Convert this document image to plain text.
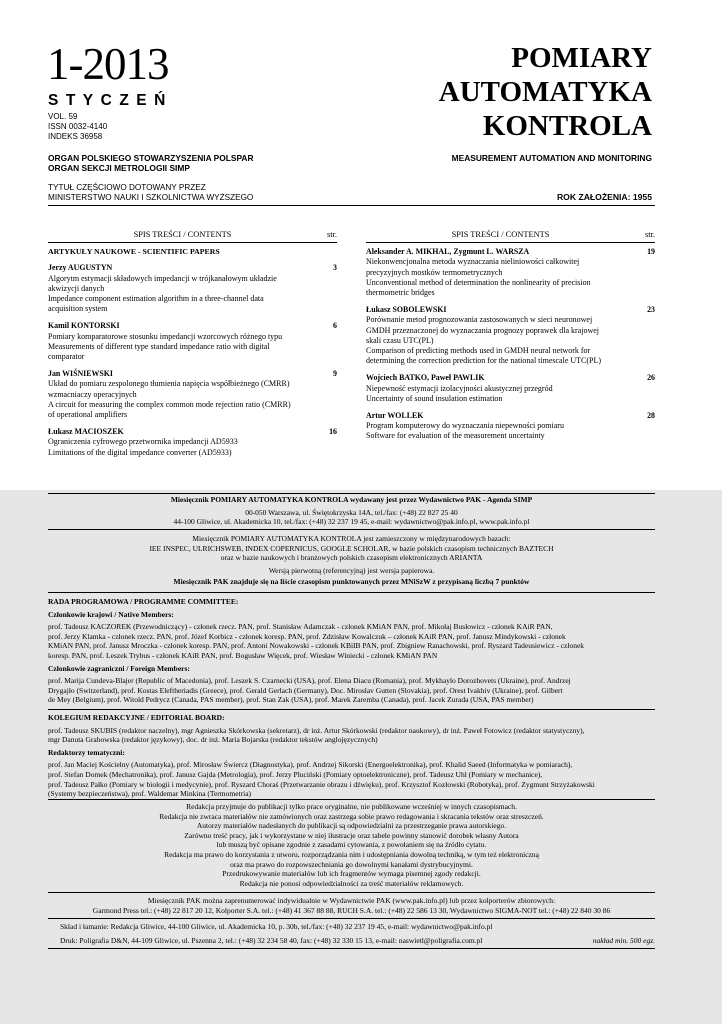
1-2013
STYCZEŃ
VOL. 59
ISSN 0032-4140
INDEKS 36958
POMIARY
AUTOMATYKA
KONTROLA
ORGAN POLSKIEGO STOWARZYSZENIA POLSPAR
ORGAN SEKCJI METROLOGII SIMP
MEASUREMENT AUTOMATION AND MONITORING
TYTUŁ CZĘŚCIOWO DOTOWANY PRZEZ
MINISTERSTWO NAUKI I SZKOLNICTWA WYŻSZEGO	ROK ZAŁOŻENIA: 1955
SPIS TREŚCI / CONTENTS	str.
ARTYKUŁY NAUKOWE - SCIENTIFIC PAPERS
Jerzy AUGUSTYN	3
Algorytm estymacji składowych impedancji w trójkanałowym układzie
akwizycji danych
Impedance component estimation algorithm in a three-channel data
acquisition system
Kamil KONTORSKI	6
Pomiary komparatorowe stosunku impedancji wzorcowych różnego typu
Measurements of different type standard impedance ratio with digital
comparator
Jan WIŚNIEWSKI	9
Układ do pomiaru zespolonego tłumienia napięcia współbieżnego (CMRR)
wzmacniaczy operacyjnych
A circuit for measuring the complex common mode rejection ratio (CMRR)
of operational amplifiers
Łukasz MACIOSZEK	16
Ograniczenia cyfrowego przetwornika impedancji AD5933
Limitations of the digital impedance converter (AD5933)
SPIS TREŚCI / CONTENTS	str.
Aleksander A. MIKHAL, Zygmunt L. WARSZA	19
Niekonwencjonalna metoda wyznaczania nieliniowości całkowitej
precyzyjnych mostków termometrycznych
Unconventional method of determination the nonlinearity of precision
thermometric bridges
Łukasz SOBOLEWSKI	23
Porównanie metod prognozowania zastosowanych w sieci neuronowej
GMDH przeznaczonej do wyznaczania prognozy poprawek dla krajowej
skali czasu UTC(PL)
Comparison of predicting methods used in GMDH neural network for
determining the correction prediction for the national timescale UTC(PL)
Wojciech BATKO, Paweł PAWLIK	26
Niepewność estymacji izolacyjności akustycznej przegród
Uncertainty of sound insulation estimation
Artur WOLLEK	28
Program komputerowy do wyznaczania niepewności pomiaru
Software for evaluation of the measurement uncertainty

Miesięcznik POMIARY AUTOMATYKA KONTROLA wydawany jest przez Wydawnictwo PAK - Agenda SIMP

00-050 Warszawa, ul. Świętokrzyska 14A, tel./fax: (+48) 22 827 25 40

44-100 Gliwice, ul. Akademicka 10, tel./fax: (+48) 32 237 19 45, e-mail: wydawnictwo@pak.info.pl, www.pak.info.pl

Miesięcznik POMIARY AUTOMATYKA KONTROLA jest zamieszczony w międzynarodowych bazach:

IEE INSPEC, ULRICHSWEB, INDEX COPERNICUS, GOOGLE SCHOLAR, w bazie polskich czasopism technicznych BAZTECH

oraz w bazie naukowych i branżowych polskich czasopism elektronicznych ARIANTA

Wersją pierwotną (referencyjną) jest wersja papierowa.

Miesięcznik PAK znajduje się na liście czasopism punktowanych przez MNiSzW z przypisaną liczbą 7 punktów

RADA PROGRAMOWA / PROGRAMME COMMITTEE:

Członkowie krajowi / Native Members:

prof. Tadeusz KACZOREK (Przewodniczący) - członek rzecz. PAN, prof. Stanisław Adamczak - członek KMiAN PAN, prof. Mikołaj Busłowicz - członek KAiR PAN,

prof. Jerzy Klamka - członek rzecz. PAN, prof. Józef Korbicz - członek koresp. PAN, prof. Zdzisław Kowalczuk – członek KAiR PAN, prof. Janusz Mindykowski - członek

KMiAN PAN, prof. Janusz Mroczka - członek koresp. PAN, prof. Antoni Nowakowski - członek KBiIB PAN, prof. Zbigniew Ranachowski, prof. Ryszard Tadeusiewicz - członek

koresp. PAN, prof. Leszek Trybus - członek KAiR PAN, prof. Bogusław Więcek, prof. Wiesław Winiecki - członek KMiAN PAN

Członkowie zagraniczni / Foreign Members:

prof. Marija Cundeva-Blajer (Republic of Macedonia), prof. Leszek S. Czarnecki (USA), prof. Elena Diacu (Romania), prof. Mykhaylo Dorozhovets (Ukraine), prof. Andrzej

Drygajło (Switzerland), prof. Kostas Eleftheriadis (Greece), prof. Gerald Gerlach (Germany), Doc. Miroslav Gutten (Slovakia), prof. Orest Ivakhiv (Ukraine), prof. Gilbert

de Mey (Belgium), prof. Witold Pedrycz (Canada, PAS member), prof. Stan Zak (USA), prof. Marek Zaremba (Canada), prof. Jacek Zurada (USA, PAS member)

KOLEGIUM REDAKCYJNE / EDITORIAL BOARD:

prof. Tadeusz SKUBIS (redaktor naczelny), mgr Agnieszka Skórkowska (sekretarz), dr inż. Artur Skórkowski (redaktor naukowy), dr inż. Paweł Fotowicz (redaktor statystyczny),

mgr Danuta Grabowska (redaktor językowy), doc. dr inż. Maria Bojarska (redaktor tekstów anglojęzycznych)

Redaktorzy tematyczni:

prof. Jan Maciej Kościelny (Automatyka), prof. Mirosław Świercz (Diagnostyka), prof. Andrzej Sikorski (Energoelektronika), prof. Khalid Saeed (Informatyka w pomiarach),

prof. Stefan Domek (Mechatronika), prof. Janusz Gajda (Metrologia), prof. Jerzy Pluciński (Pomiary optoelektroniczne), prof. Tadeusz Uhl (Pomiary w mechanice),

prof. Tadeusz Pałko (Pomiary w biologii i medycynie), prof. Ryszard Choraś (Przetwarzanie obrazu i dźwięku), prof. Krzysztof Kozłowski (Robotyka), prof. Zygmunt Strzyżakowski

(Systemy bezpieczeństwa), prof. Waldemar Minkina (Termometria)

Redakcja przyjmuje do publikacji tylko prace oryginalne, nie publikowane wcześniej w innych czasopismach.

Redakcja nie zwraca materiałów nie zamówionych oraz zastrzega sobie prawo redagowania i skracania tekstów oraz streszczeń.

Autorzy materiałów nadesłanych do publikacji są odpowiedzialni za przestrzeganie prawa autorskiego.

Zarówno treść pracy, jak i wykorzystane w niej ilustracje oraz tabele powinny stanowić dorobek własny Autora

lub muszą być opisane zgodnie z zasadami cytowania, z powołaniem się na źródło cytatu.

Redakcja ma prawo do korzystania z utworu, rozporządzania nim i udostępniania dowolną techniką, w tym też elektroniczną

oraz ma prawo do rozpowszechniania go dowolnymi kanałami dystrybucyjnymi.

Przedrukowywanie materiałów lub ich fragmentów wymaga pisemnej zgody redakcji.

Redakcja nie ponosi odpowiedzialności za treść materiałów reklamowych.

Miesięcznik PAK można zaprenumerować indywidualnie w Wydawnictwie PAK (www.pak.info.pl) lub przez kolporterów zbiorowych:

Garmond Press tel.: (+48) 22 817 20 12, Kolporter S.A. tel.: (+48) 41 367 88 88, RUCH S.A. tel.: (+48) 22 586 13 30, Wydawnictwo SIGMA-NOT tel.: (+48) 22 840 30 86

Skład i łamanie: Redakcja Gliwice, 44-100 Gliwice, ul. Akademicka 10, p. 30b, tel./fax: (+48) 32 237 19 45, e-mail: wydawnictwo@pak.info.pl

Druk: Poligrafia D&N, 44-109 Gliwice, ul. Pszenna 2, tel.: (+48) 32 234 58 40, fax: (+48) 32 330 15 13, e-mail: naswietl@poligrafia.com.pl	nakład min. 500 egz.
